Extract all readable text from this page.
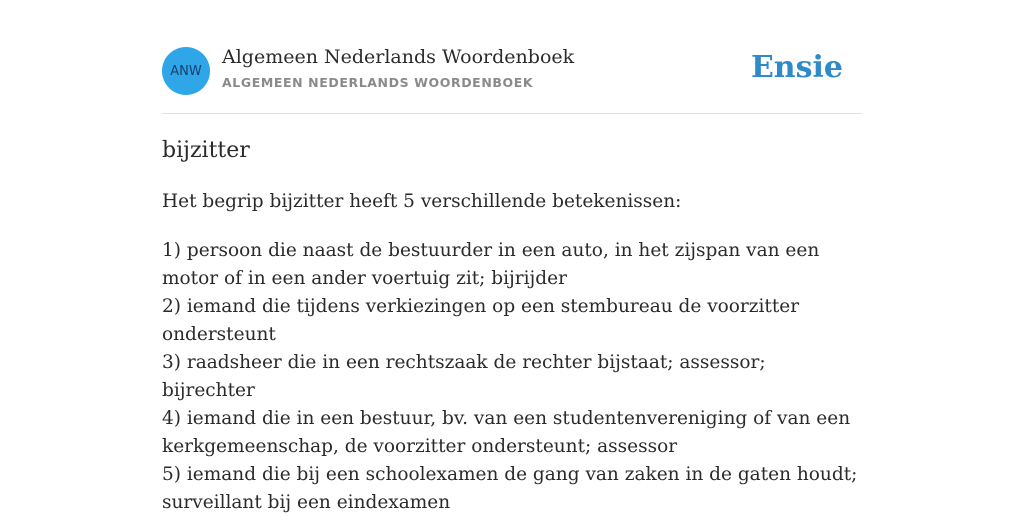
ANW
Algemeen Nederlands Woordenboek
ALGEMEEN NEDERLANDS WOORDENBOEK	Ensie
bijzitter

Het begrip bijzitter heeft 5 verschillende betekenissen:

1) persoon die naast de bestuurder in een auto, in het zijspan van een motor of in een ander voertuig zit; bijrijder
2) iemand die tijdens verkiezingen op een stembureau de voorzitter ondersteunt
3) raadsheer die in een rechtszaak de rechter bijstaat; assessor; bijrechter
4) iemand die in een bestuur, bv. van een studentenvereniging of van een kerkgemeenschap, de voorzitter ondersteunt; assessor
5) iemand die bij een schoolexamen de gang van zaken in de gaten houdt; surveillant bij een eindexamen
